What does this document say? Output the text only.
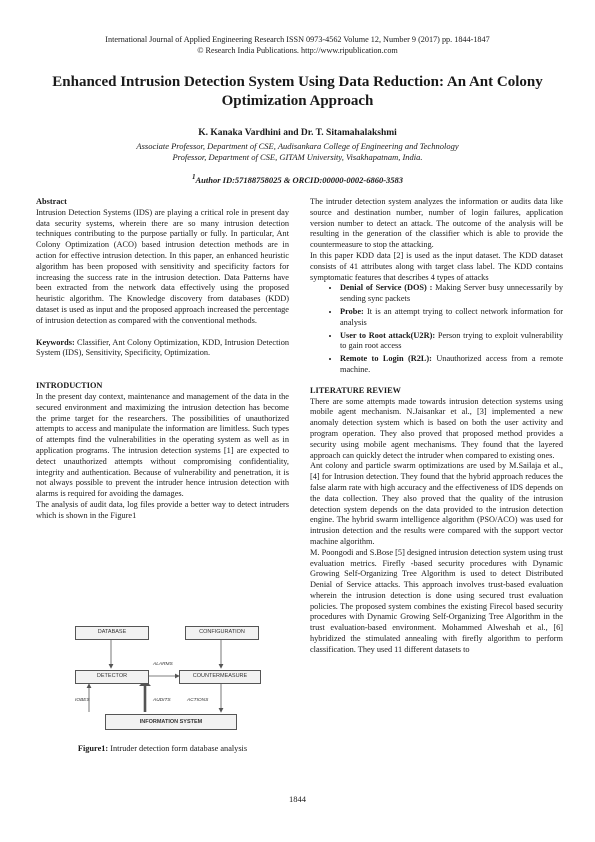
International Journal of Applied Engineering Research ISSN 0973-4562 Volume 12, Number 9 (2017) pp. 1844-1847
© Research India Publications. http://www.ripublication.com
Enhanced Intrusion Detection System Using Data Reduction: An Ant Colony Optimization Approach
K. Kanaka Vardhini and Dr. T. Sitamahalakshmi
Associate Professor, Department of CSE, Audisankara College of Engineering and Technology
Professor, Department of CSE, GITAM University, Visakhapatnam, India.
$^1$Author ID:57188758025 & ORCID:00000-0002-6860-3583

Abstract

Intrusion Detection Systems (IDS) are playing a critical role in present day data security systems, wherein there are so many intrusion detection techniques contributing to the purpose partially or fully. In particular, Ant Colony Optimization (ACO) based intrusion detection methods are in action for effective intrusion detection. In this paper, an enhanced heuristic algorithm has been proposed with sensitivity and specificity factors for increasing the success rate in the intrusion detection. Data Patterns have been extracted from the network data effectively using the proposed heuristic algorithm. The Knowledge discovery from databases (KDD) dataset is used as input and the proposed approach increased the percentage of intrusion detection as compared with the conventional methods.

Keywords: Classifier, Ant Colony Optimization, KDD, Intrusion Detection System (IDS), Sensitivity, Specificity, Optimization.

INTRODUCTION

In the present day context, maintenance and management of the data in the secured environment and maximizing the intrusion detection has become the prime target for the researchers. The possibilities of unauthorized attempts to access and manipulate the information are limitless. Such types of attempts find the vulnerabilities in the operating system as well as in application programs. The intrusion detection systems [1] are expected to detect unauthorized attempts without compromising confidentiality, integrity and authentication. Because of vulnerability and penetration, it is not always possible to prevent the intruder hence intrusion detection with alarms is required for avoiding the damages.

The analysis of audit data, log files provide a better way to detect intruders which is shown in the Figure1

DATABASE	CONFIGURATION
DETECTOR	COUNTERMEASURE
INFORMATION SYSTEM
ALARMS
IOBES	AUDITS	ACTIONS
Figure1: Intruder detection form database analysis

The intruder detection system analyzes the information or audits data like source and destination number, number of login failures, application version number to detect an attack. The outcome of the analysis will be resulting in the generation of the classifier which is able to provide the countermeasure to stop the attacking.

In this paper KDD data [2] is used as the input dataset. The KDD dataset consists of 41 attributes along with target class label. The KDD contains symptomatic features that describes 4 types of attacks

• Denial of Service (DOS) : Making Server busy unnecessarily by sending sync packets
• Probe: It is an attempt trying to collect network information for analysis
• User to Root attack(U2R): Person trying to exploit vulnerability to gain root access
• Remote to Login (R2L): Unauthorized access from a remote machine.

LITERATURE REVIEW

There are some attempts made towards intrusion detection systems using mobile agent mechanism. N.Jaisankar et al., [3] implemented a new anomaly detection system which is based on both the user activity and program operation. They also proved that proposed method provides a security using mobile agent mechanisms. They found that the layered approach can quickly detect the intruder when compared to existing ones.

Ant colony and particle swarm optimizations are used by M.Sailaja et al.,[4] for Intrusion detection. They found that the hybrid approach reduces the false alarm rate with high accuracy and the effectiveness of IDS depends on the data collection. They also proved that the quality of the intrusion detection system depends on the data provided to the intrusion detection engine. The hybrid swarm intelligence algorithm (PSO/ACO) was used for intrusion detection and the results were compared with the support vector machine algorithm.

M. Poongodi and S.Bose [5] designed intrusion detection system using trust evaluation metrics. Firefly -based security procedures with Dynamic Growing Self-Organizing Tree Algorithm is used to detect Distributed Denial of Service attacks. This approach involves trust-based evaluation wherein the intrusion detection is done using secured trust evaluation policies. The proposed system combines the existing Firecol based security procedures with Dynamic Growing Self-Organizing Tree Algorithm in the trust evaluation-based environment. Mohammed Alweshah et al., [6] hybridized the stimulated annealing with firefly algorithm to perform classification. They used 11 different datasets to

1844
